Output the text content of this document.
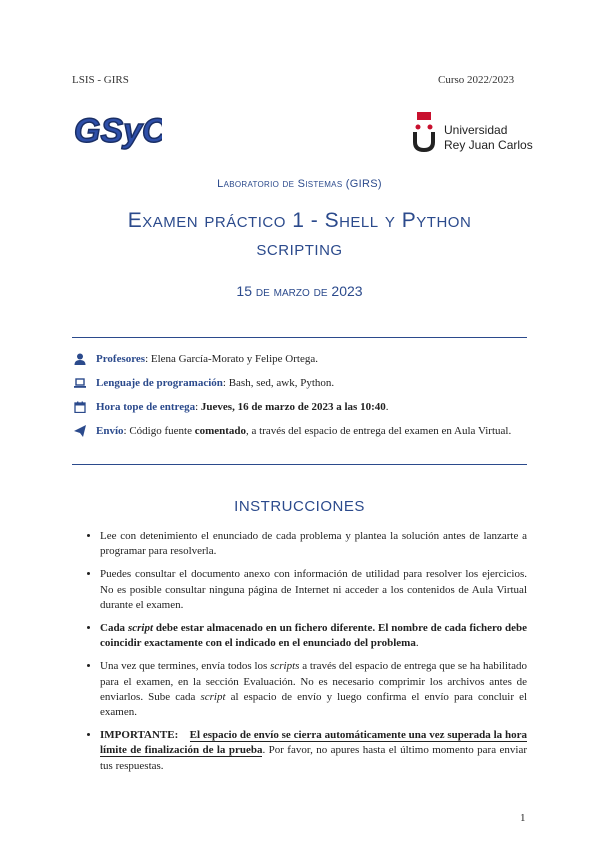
LSIS - GIRS	Curso 2022/2023
GSyC	Universidad
Rey Juan Carlos
Laboratorio de Sistemas (GIRS)
Examen práctico 1 - Shell y Python
scripting
15 de marzo de 2023
Profesores: Elena García-Morato y Felipe Ortega.
Lenguaje de programación: Bash, sed, awk, Python.
Hora tope de entrega: Jueves, 16 de marzo de 2023 a las 10:40.
Envío: Código fuente comentado, a través del espacio de entrega del examen en Aula Virtual.
INSTRUCCIONES
• Lee con detenimiento el enunciado de cada problema y plantea la solución antes de lanzarte a programar para resolverla.
• Puedes consultar el documento anexo con información de utilidad para resolver los ejercicios. No es posible consultar ninguna página de Internet ni acceder a los contenidos de Aula Virtual durante el examen.
• Cada script debe estar almacenado en un fichero diferente. El nombre de cada fichero debe coincidir exactamente con el indicado en el enunciado del problema.
• Una vez que termines, envía todos los scripts a través del espacio de entrega que se ha habilitado para el examen, en la sección Evaluación. No es necesario comprimir los archivos antes de enviarlos. Sube cada script al espacio de envío y luego confirma el envío para concluir el examen.
• IMPORTANTE: El espacio de envío se cierra automáticamente una vez superada la hora límite de finalización de la prueba. Por favor, no apures hasta el último momento para enviar tus respuestas.
1
